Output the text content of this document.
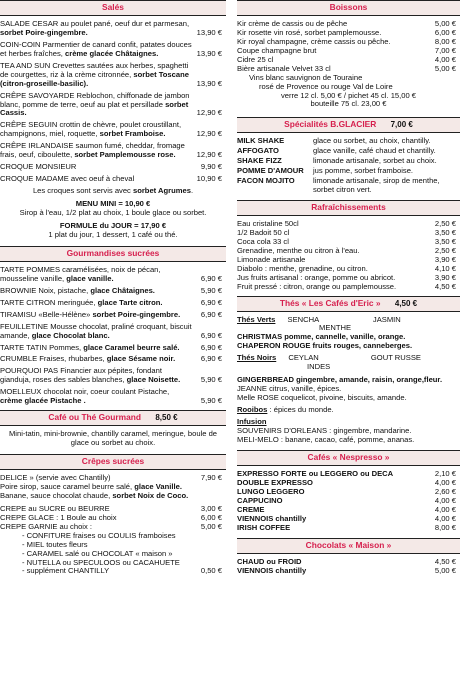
Salés
SALADE CESAR au poulet pané, oeuf dur et parmesan, sorbet Poire-gingembre.	13,90 €
COIN-COIN Parmentier de canard confit, patates douces et herbes fraîches, crème glacée Châtaignes.	13,90 €
TEA AND SUN Crevettes sautées aux herbes, spaghetti de courgettes, riz à la crème citronnée, sorbet Toscane (citron-groseille-basilic).	13,90 €
CRÊPE SAVOYARDE Reblochon, chiffonade de jambon blanc, pomme de terre, oeuf au plat et persillade sorbet Cassis.	12,90 €
CRÊPE SEGUIN crottin de chèvre, poulet croustillant, champignons, miel, roquette, sorbet Framboise.	12,90 €
CRÊPE IRLANDAISE saumon fumé, cheddar, fromage frais, oeuf, ciboulette, sorbet Pamplemousse rose.	12,90 €
CROQUE MONSIEUR	9,90 €
CROQUE MADAME avec oeuf à cheval	10,90 €
Les croques sont servis avec sorbet Agrumes.
MENU MINI = 10,90 €
Sirop à l'eau, 1/2 plat au choix, 1 boule glace ou sorbet.
FORMULE du JOUR = 17,90 €
1 plat du jour, 1 dessert, 1 café ou thé.
Gourmandises sucrées
TARTE POMMES caramélisées, noix de pécan, mousseline vanille, glace vanille.	6,90 €
BROWNIE Noix, pistache, glace Châtaignes.	5,90 €
TARTE CITRON meringuée, glace Tarte citron.	6,90 €
TIRAMISU «Belle-Hélène» sorbet Poire-gingembre.	6,90 €
FEUILLETINE Mousse chocolat, praliné croquant, biscuit amande, glace Chocolat blanc.	6,90 €
TARTE TATIN Pommes, glace Caramel beurre salé.	6,90 €
CRUMBLE Fraises, rhubarbes, glace Sésame noir.	6,90 €
POURQUOI PAS Financier aux pépites, fondant gianduja, roses des sables blanches, glace Noisette.	5,90 €
MOELLEUX chocolat noir, coeur coulant Pistache, crème glacée Pistache .	5,90 €
Café ou Thé Gourmand 8,50 €
Mini-tatin, mini-brownie, chantilly caramel, meringue, boule de glace ou sorbet au choix.
Crêpes sucrées
DELICE » (servie avec Chantilly)	7,90 €
Poire sirop, sauce caramel beurre salé, glace Vanille.
Banane, sauce chocolat chaude, sorbet Noix de Coco.
CREPE au SUCRE ou BEURRE	3,00 €
CREPE GLACE : 1 Boule au choix	6,00 €
CREPE GARNIE au choix :	5,00 €
- CONFITURE fraises ou COULIS framboises
- MIEL toutes fleurs
- CARAMEL salé ou CHOCOLAT « maison »
- NUTELLA ou SPECULOOS ou CACAHUETE
- supplément CHANTILLY	0,50 €
Boissons
Kir crème de cassis ou de pêche	5,00 €
Kir rosette vin rosé, sorbet pamplemousse.	6,00 €
Kir royal champagne, crème cassis ou pêche.	8,00 €
Coupe champagne brut	7,00 €
Cidre 25 cl	4,00 €
Bière artisanale Velvet 33 cl	5,00 €
Vins blanc sauvignon de Touraine
rosé de Provence ou rouge Val de Loire
verre 12 cl. 5,00 € / pichet 45 cl. 15,00 €
bouteille 75 cl. 23,00 €
Spécialités B.GLACIER 7,00 €
MILK SHAKE	glace ou sorbet, au choix, chantilly.
AFFOGATO	glace vanille, café chaud et chantilly.
SHAKE FIZZ	limonade artisanale, sorbet au choix.
POMME D'AMOUR	jus pomme, sorbet framboise.
FACON MOJITO	limonade artisanale, sirop de menthe, sorbet citron vert.
Rafraîchissements
Eau cristaline 50cl	2,50 €
1/2 Badoit 50 cl	3,50 €
Coca cola 33 cl	3,50 €
Grenadine, menthe ou citron à l'eau.	2,50 €
Limonade artisanale	3,90 €
Diabolo : menthe, grenadine, ou citron.	4,10 €
Jus fruits artisanal : orange, pomme ou abricot.	3,90 €
Fruit pressé : citron, orange ou pamplemousse.	4,50 €
Thés « Les Cafés d'Eric » 4,50 €
Thés Verts SENCHA	JASMIN
MENTHE
CHRISTMAS pomme, cannelle, vanille, orange.
CHAPERON ROUGE fruits rouges, canneberges.
Thés Noirs CEYLAN	GOUT RUSSE
INDES
GINGERBREAD gingembre, amande, raisin, orange,fleur.
JEANNE citrus, vanille, épices.
Melle ROSE coquelicot, pivoine, biscuits, amande.
Rooibos : épices du monde.
Infusion
SOUVENIRS D'ORLEANS : gingembre, mandarine.
MELI-MELO : banane, cacao, café, pomme, ananas.
Cafés « Nespresso »
EXPRESSO FORTE ou LEGGERO ou DECA	2,10 €
DOUBLE EXPRESSO	4,00 €
LUNGO LEGGERO	2,60 €
CAPPUCINO	4,00 €
CREME	4,00 €
VIENNOIS chantilly	4,00 €
IRISH COFFEE	8,00 €
Chocolats « Maison »
CHAUD ou FROID	4,50 €
VIENNOIS chantilly	5,00 €
